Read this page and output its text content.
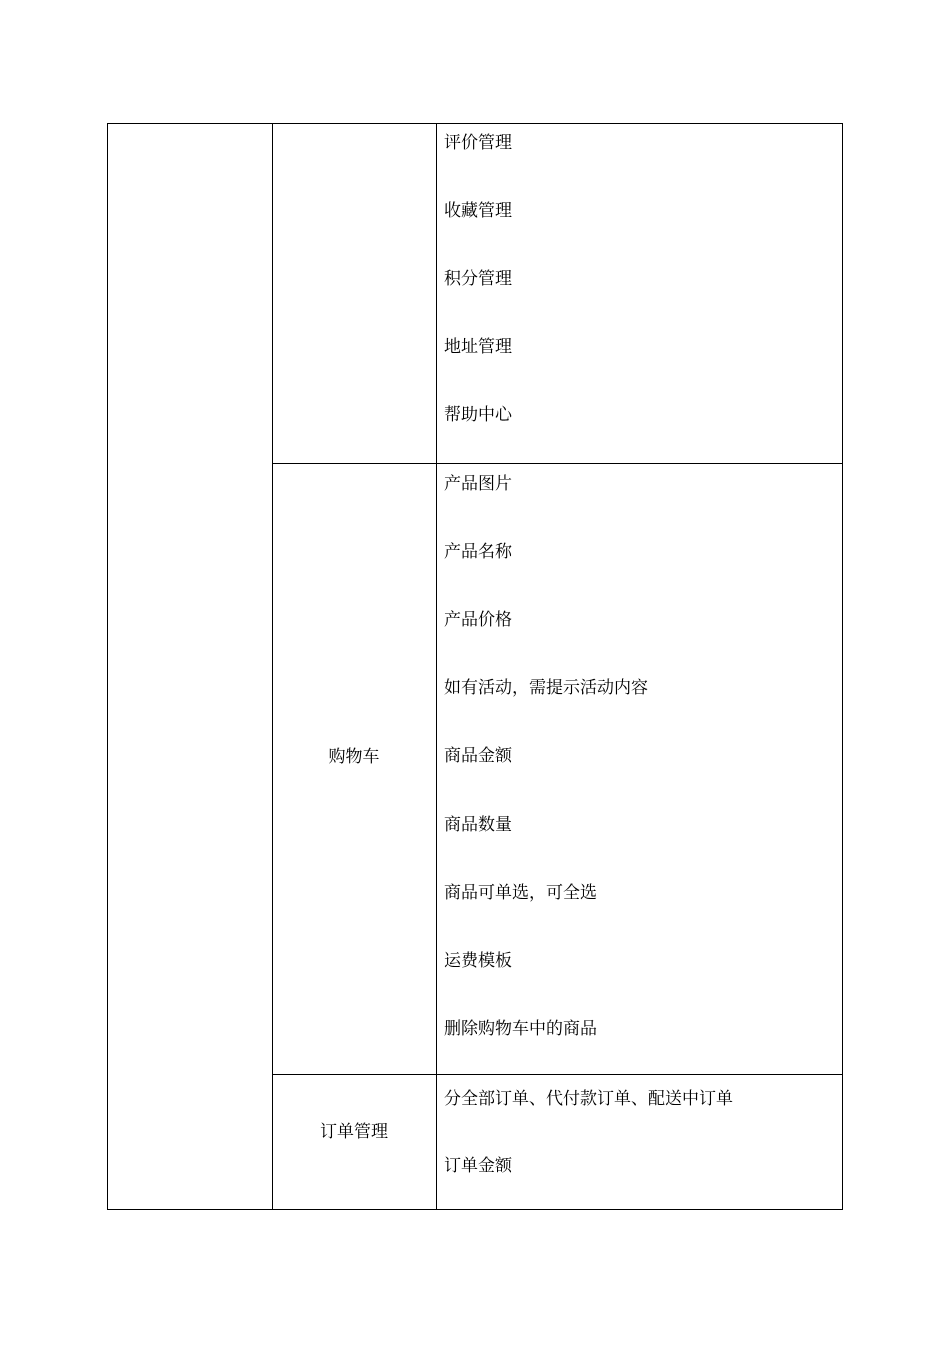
评价管理
收藏管理
积分管理
地址管理
帮助中心
购物车
产品图片
产品名称
产品价格
如有活动，需提示活动内容
商品金额
商品数量
商品可单选，可全选
运费模板
删除购物车中的商品
订单管理
分全部订单、代付款订单、配送中订单
订单金额
